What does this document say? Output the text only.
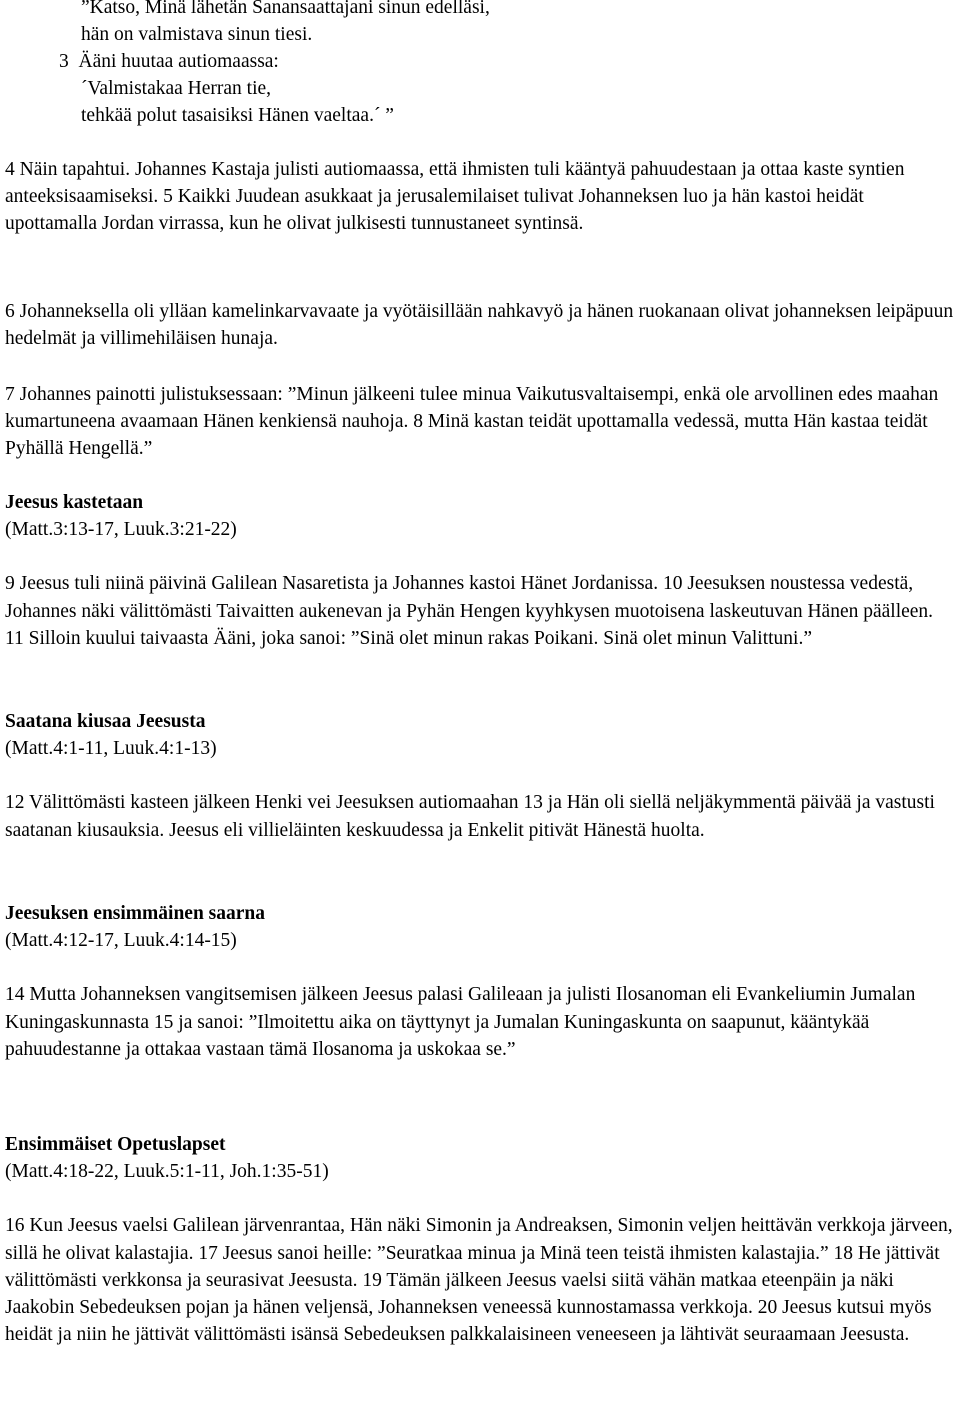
”Katso, Minä lähetän Sanansaattajani sinun edelläsi,
hän on valmistava sinun tiesi.
3  Ääni huutaa autiomaassa:
´Valmistakaa Herran tie,
tehkää polut tasaisiksi Hänen vaeltaa.´ ”

4 Näin tapahtui. Johannes Kastaja julisti autiomaassa, että ihmisten tuli kääntyä pahuudestaan ja ottaa kaste syntien anteeksisaamiseksi. 5 Kaikki Juudean asukkaat ja jerusalemilaiset tulivat Johanneksen luo ja hän kastoi heidät upottamalla Jordan virrassa, kun he olivat julkisesti tunnustaneet syntinsä.

6 Johanneksella oli ylläan kamelinkarvavaate ja vyötäisillään nahkavyö ja hänen ruokanaan olivat johanneksen leipäpuun hedelmät ja villimehiläisen hunaja.

7 Johannes painotti julistuksessaan: ”Minun jälkeeni tulee minua Vaikutusvaltaisempi, enkä ole arvollinen edes maahan kumartuneena avaamaan Hänen kenkiensä nauhoja. 8 Minä kastan teidät upottamalla vedessä, mutta Hän kastaa teidät Pyhällä Hengellä.”

Jeesus kastetaan

(Matt.3:13-17, Luuk.3:21-22)

9 Jeesus tuli niinä päivinä Galilean Nasaretista ja Johannes kastoi Hänet Jordanissa. 10 Jeesuksen noustessa vedestä, Johannes näki välittömästi Taivaitten aukenevan ja Pyhän Hengen kyyhkysen muotoisena laskeutuvan Hänen päälleen. 11 Silloin kuului taivaasta Ääni, joka sanoi: ”Sinä olet minun rakas Poikani. Sinä olet minun Valittuni.”

Saatana kiusaa Jeesusta

(Matt.4:1-11, Luuk.4:1-13)

12 Välittömästi kasteen jälkeen Henki vei Jeesuksen autiomaahan 13 ja Hän oli siellä neljäkymmentä päivää ja vastusti saatanan kiusauksia. Jeesus eli villieläinten keskuudessa ja Enkelit pitivät Hänestä huolta.

Jeesuksen ensimmäinen saarna

(Matt.4:12-17, Luuk.4:14-15)

14 Mutta Johanneksen vangitsemisen jälkeen Jeesus palasi Galileaan ja julisti Ilosanoman eli Evankeliumin Jumalan Kuningaskunnasta 15 ja sanoi: ”Ilmoitettu aika on täyttynyt ja Jumalan Kuningaskunta on saapunut, kääntykää pahuudestanne ja ottakaa vastaan tämä Ilosanoma ja uskokaa se.”

Ensimmäiset Opetuslapset

(Matt.4:18-22, Luuk.5:1-11, Joh.1:35-51)

16 Kun Jeesus vaelsi Galilean järvenrantaa, Hän näki Simonin ja Andreaksen, Simonin veljen heittävän verkkoja järveen, sillä he olivat kalastajia. 17 Jeesus sanoi heille: ”Seuratkaa minua ja Minä teen teistä ihmisten kalastajia.” 18 He jättivät välittömästi verkkonsa ja seurasivat Jeesusta. 19 Tämän jälkeen Jeesus vaelsi siitä vähän matkaa eteenpäin ja näki Jaakobin Sebedeuksen pojan ja hänen veljensä, Johanneksen veneessä kunnostamassa verkkoja. 20 Jeesus kutsui myös heidät ja niin he jättivät välittömästi isänsä Sebedeuksen palkkalaisineen veneeseen ja lähtivät seuraamaan Jeesusta.
